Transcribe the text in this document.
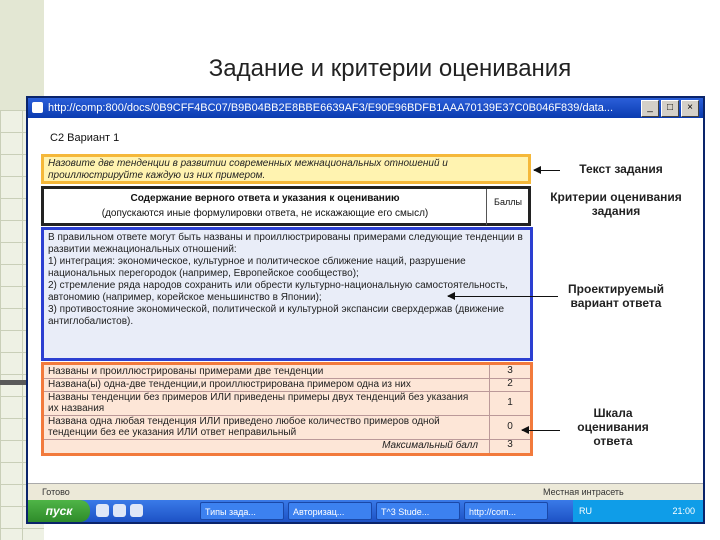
Задание и критерии оценивания
http://comp:800/docs/0B9CFF4BC07/B9B04BB2E8BBE6639AF3/E90E96BDFB1AAA70139E37C0B046F839/data...	_	□	×
С2 Вариант 1
Назовите две тенденции в развитии современных межнациональных отношений и проиллюстрируйте каждую из них примером.
Содержание верного ответа и указания к оцениванию
(допускаются иные формулировки ответа, не искажающие его смысл)
Баллы

В правильном ответе могут быть названы и проиллюстрированы примерами следующие тенденции в развитии межнациональных отношений:

1) интеграция: экономическое, культурное и политическое сближение наций, разрушение национальных перегородок (например, Европейское сообщество);

2) стремление ряда народов сохранить или обрести культурно-национальную самостоятельность, автономию (например, корейское меньшинство в Японии);

3) противостояние экономической, политической и культурной экспансии сверхдержав (движение антиглобалистов).

Названы и проиллюстрированы примерами две тенденции	3
Названа(ы) одна-две тенденции,и проиллюстрирована примером одна из них	2
Названы тенденции без примеров ИЛИ приведены примеры двух тенденций без указания их названия
1
Названа одна любая тенденция ИЛИ приведено любое количество примеров одной тенденции без ее указания ИЛИ ответ неправильный
0
Максимальный балл	3
Текст задания
Критерии оценивания задания
Проектируемый вариант ответа
Шкала оценивания ответа
Готово	Местная интрасеть
пуск	Типы зада...	Авторизац...	Т^3 Stude...	http://com...	RU	21:00
